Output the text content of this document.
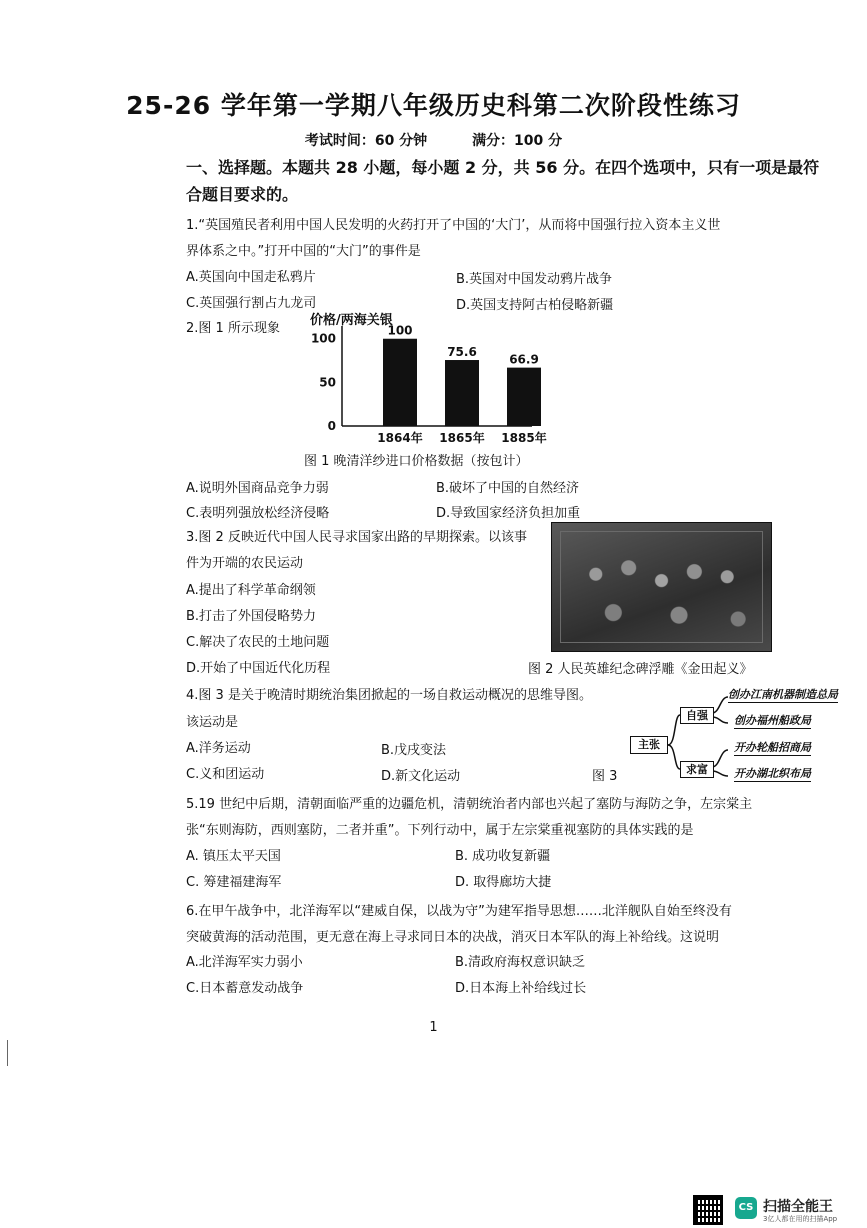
25-26 学年第一学期八年级历史科第二次阶段性练习
考试时间：60 分钟	满分：100 分
一、选择题。本题共 28 小题，每小题 2 分，共 56 分。在四个选项中，只有一项是最符
合题目要求的。
1.“英国殖民者利用中国人民发明的火药打开了中国的‘大门’，从而将中国强行拉入资本主义世
界体系之中。”打开中国的“大门”的事件是
A.英国向中国走私鸦片	B.英国对中国发动鸦片战争
C.英国强行割占九龙司	D.英国支持阿古柏侵略新疆
2.图 1 所示现象
价格/两海关银
0
50
100
100
1864年
75.6
1865年
66.9
1885年
图 1 晚清洋纱进口价格数据（按包计）
A.说明外国商品竞争力弱	B.破坏了中国的自然经济
C.表明列强放松经济侵略	D.导致国家经济负担加重
3.图 2 反映近代中国人民寻求国家出路的早期探索。以该事
件为开端的农民运动
A.提出了科学革命纲领
B.打击了外国侵略势力
C.解决了农民的土地问题
D.开始了中国近代化历程	图 2 人民英雄纪念碑浮雕《金田起义》
4.图 3 是关于晚清时期统治集团掀起的一场自救运动概况的思维导图。
该运动是
A.洋务运动	B.戊戌变法
C.义和团运动	D.新文化运动	图 3
主张
自强
求富
创办江南机器制造总局
创办福州船政局
开办轮船招商局
开办湖北织布局
5.19 世纪中后期，清朝面临严重的边疆危机，清朝统治者内部也兴起了塞防与海防之争，左宗棠主
张“东则海防，西则塞防，二者并重”。下列行动中，属于左宗棠重视塞防的具体实践的是
A. 镇压太平天国	B. 成功收复新疆
C. 筹建福建海军	D. 取得廊坊大捷
6.在甲午战争中，北洋海军以“建威自保，以战为守”为建军指导思想……北洋舰队自始至终没有
突破黄海的活动范围，更无意在海上寻求同日本的决战，消灭日本军队的海上补给线。这说明
A.北洋海军实力弱小	B.清政府海权意识缺乏
C.日本蓄意发动战争	D.日本海上补给线过长
1
CS 扫描全能王
3亿人都在用的扫描App
